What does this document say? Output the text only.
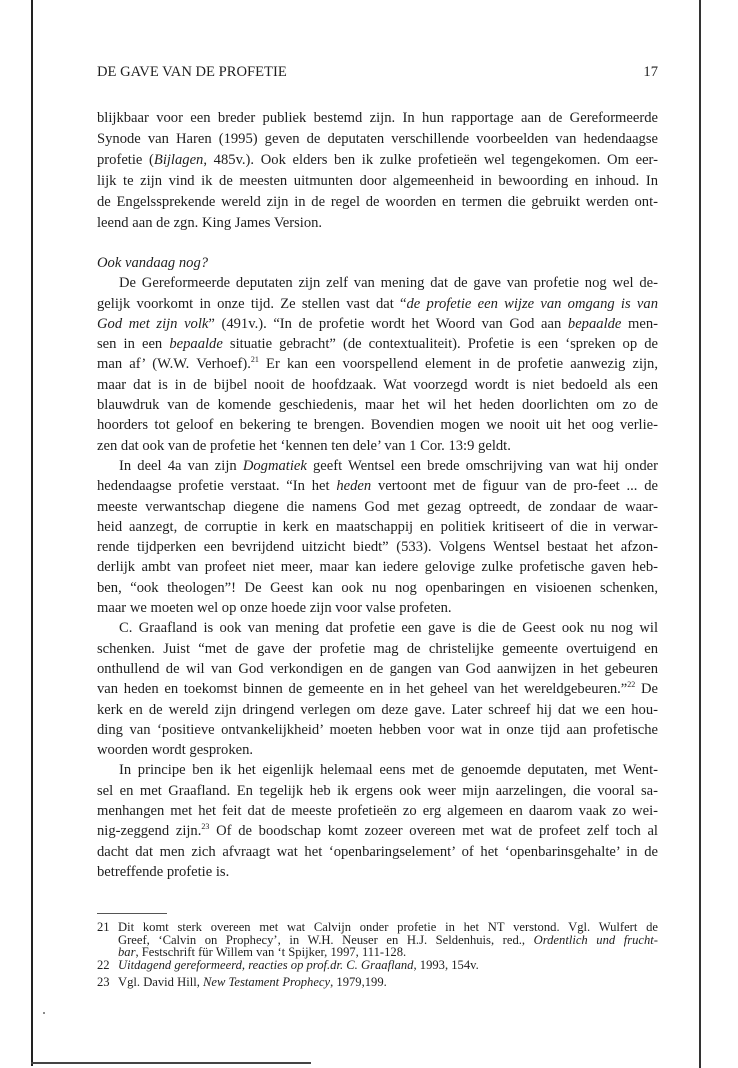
DE GAVE VAN DE PROFETIE	17
blijkbaar voor een breder publiek bestemd zijn. In hun rapportage aan de Gereformeerde
Synode van Haren (1995) geven de deputaten verschillende voorbeelden van hedendaagse
profetie (Bijlagen, 485v.). Ook elders ben ik zulke profetieën wel tegengekomen. Om eer-
lijk te zijn vind ik de meesten uitmunten door algemeenheid in bewoording en inhoud. In
de Engelssprekende wereld zijn in de regel de woorden en termen die gebruikt werden ont-
leend aan de zgn. King James Version.
Ook vandaag nog?
De Gereformeerde deputaten zijn zelf van mening dat de gave van profetie nog wel de-
gelijk voorkomt in onze tijd. Ze stellen vast dat “de profetie een wijze van omgang is van
God met zijn volk” (491v.). “In de profetie wordt het Woord van God aan bepaalde men-
sen in een bepaalde situatie gebracht” (de contextualiteit). Profetie is een ‘spreken op de
man af’ (W.W. Verhoef).$^{21}$ Er kan een voorspellend element in de profetie aanwezig zijn,
maar dat is in de bijbel nooit de hoofdzaak. Wat voorzegd wordt is niet bedoeld als een
blauwdruk van de komende geschiedenis, maar het wil het heden doorlichten om zo de
hoorders tot geloof en bekering te brengen. Bovendien mogen we nooit uit het oog verlie-
zen dat ook van de profetie het ‘kennen ten dele’ van 1 Cor. 13:9 geldt.
In deel 4a van zijn Dogmatiek geeft Wentsel een brede omschrijving van wat hij onder
hedendaagse profetie verstaat. “In het heden vertoont met de figuur van de pro-feet ... de
meeste verwantschap diegene die namens God met gezag optreedt, de zondaar de waar-
heid aanzegt, de corruptie in kerk en maatschappij en politiek kritiseert of die in verwar-
rende tijdperken een bevrijdend uitzicht biedt” (533). Volgens Wentsel bestaat het afzon-
derlijk ambt van profeet niet meer, maar kan iedere gelovige zulke profetische gaven heb-
ben, “ook theologen”! De Geest kan ook nu nog openbaringen en visioenen schenken,
maar we moeten wel op onze hoede zijn voor valse profeten.
C. Graafland is ook van mening dat profetie een gave is die de Geest ook nu nog wil
schenken. Juist “met de gave der profetie mag de christelijke gemeente overtuigend en
onthullend de wil van God verkondigen en de gangen van God aanwijzen in het gebeuren
van heden en toekomst binnen de gemeente en in het geheel van het wereldgebeuren.”$^{22}$ De
kerk en de wereld zijn dringend verlegen om deze gave. Later schreef hij dat we een hou-
ding van ‘positieve ontvankelijkheid’ moeten hebben voor wat in onze tijd aan profetische
woorden wordt gesproken.
In principe ben ik het eigenlijk helemaal eens met de genoemde deputaten, met Went-
sel en met Graafland. En tegelijk heb ik ergens ook weer mijn aarzelingen, die vooral sa-
menhangen met het feit dat de meeste profetieën zo erg algemeen en daarom vaak zo wei-
nig-zeggend zijn.$^{23}$ Of de boodschap komt zozeer overeen met wat de profeet zelf toch al
dacht dat men zich afvraagt wat het ‘openbaringselement’ of het ‘openbarinsgehalte’ in de
betreffende profetie is.
21 Dit komt sterk overeen met wat Calvijn onder profetie in het NT verstond. Vgl. Wulfert de
Greef, ‘Calvin on Prophecy’, in W.H. Neuser en H.J. Seldenhuis, red., Ordentlich und frucht-
bar, Festschrift für Willem van ‘t Spijker, 1997, 111-128.
22 Uitdagend gereformeerd, reacties op prof.dr. C. Graafland, 1993, 154v.
23 Vgl. David Hill, New Testament Prophecy, 1979,199.
